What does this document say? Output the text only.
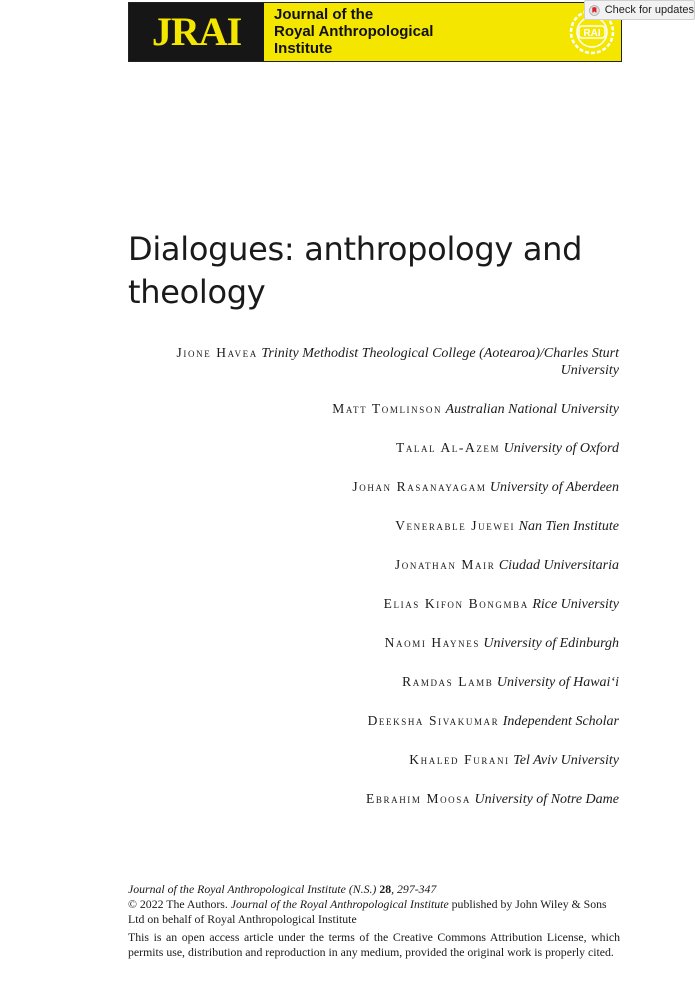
JRAI Journal of the
Royal Anthropological
Institute
RAI
Check for updates
Dialogues: anthropology and theology
Jione Havea Trinity Methodist Theological College (Aotearoa)/Charles Sturt University
Matt Tomlinson Australian National University
Talal Al-Azem University of Oxford
Johan Rasanayagam University of Aberdeen
Venerable Juewei Nan Tien Institute
Jonathan Mair Ciudad Universitaria
Elias Kifon Bongmba Rice University
Naomi Haynes University of Edinburgh
Ramdas Lamb University of Hawai‘i
Deeksha Sivakumar Independent Scholar
Khaled Furani Tel Aviv University
Ebrahim Moosa University of Notre Dame
Journal of the Royal Anthropological Institute (N.S.) 28, 297-347
© 2022 The Authors. Journal of the Royal Anthropological Institute published by John Wiley & Sons Ltd on behalf of Royal Anthropological Institute
This is an open access article under the terms of the Creative Commons Attribution License, which permits use, distribution and reproduction in any medium, provided the original work is properly cited.
